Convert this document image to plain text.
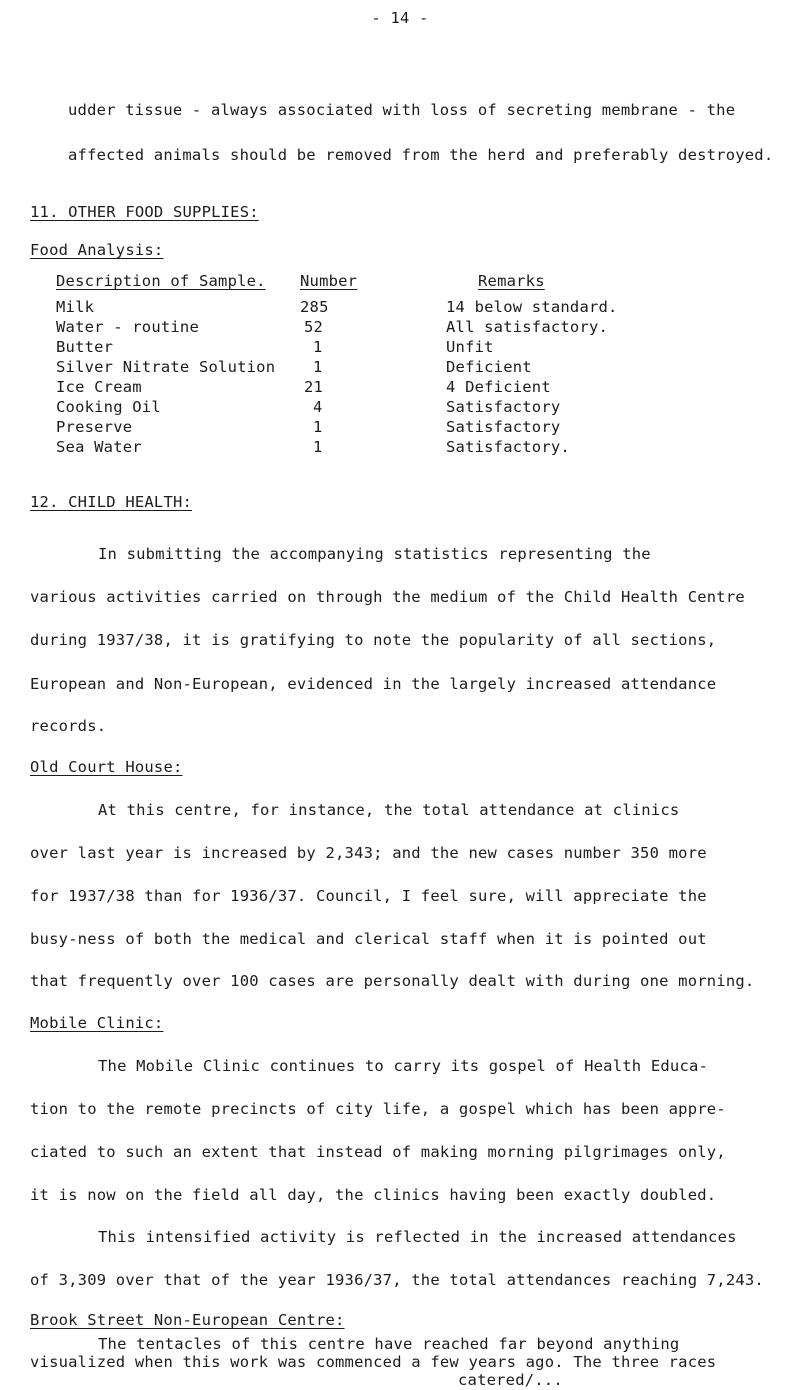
- 14 -
udder tissue - always associated with loss of secreting membrane - the
affected animals should be removed from the herd and preferably destroyed.
11. OTHER FOOD SUPPLIES:
Food Analysis:
Description of Sample. Number	Remarks
Milk	285	14 below standard.
Water - routine	52	All satisfactory.
Butter	1	Unfit
Silver Nitrate Solution 1	Deficient
Ice Cream	21	4 Deficient
Cooking Oil	4	Satisfactory
Preserve	1	Satisfactory
Sea Water	1	Satisfactory.
12. CHILD HEALTH:
In submitting the accompanying statistics representing the
various activities carried on through the medium of the Child Health Centre
during 1937/38, it is gratifying to note the popularity of all sections,
European and Non-European, evidenced in the largely increased attendance
records.
Old Court House:
At this centre, for instance, the total attendance at clinics
over last year is increased by 2,343; and the new cases number 350 more
for 1937/38 than for 1936/37. Council, I feel sure, will appreciate the
busy-ness of both the medical and clerical staff when it is pointed out
that frequently over 100 cases are personally dealt with during one morning.
Mobile Clinic:
The Mobile Clinic continues to carry its gospel of Health Educa-
tion to the remote precincts of city life, a gospel which has been appre-
ciated to such an extent that instead of making morning pilgrimages only,
it is now on the field all day, the clinics having been exactly doubled.
This intensified activity is reflected in the increased attendances
of 3,309 over that of the year 1936/37, the total attendances reaching 7,243.
Brook Street Non-European Centre:
The tentacles of this centre have reached far beyond anything
visualized when this work was commenced a few years ago. The three races
catered/...
